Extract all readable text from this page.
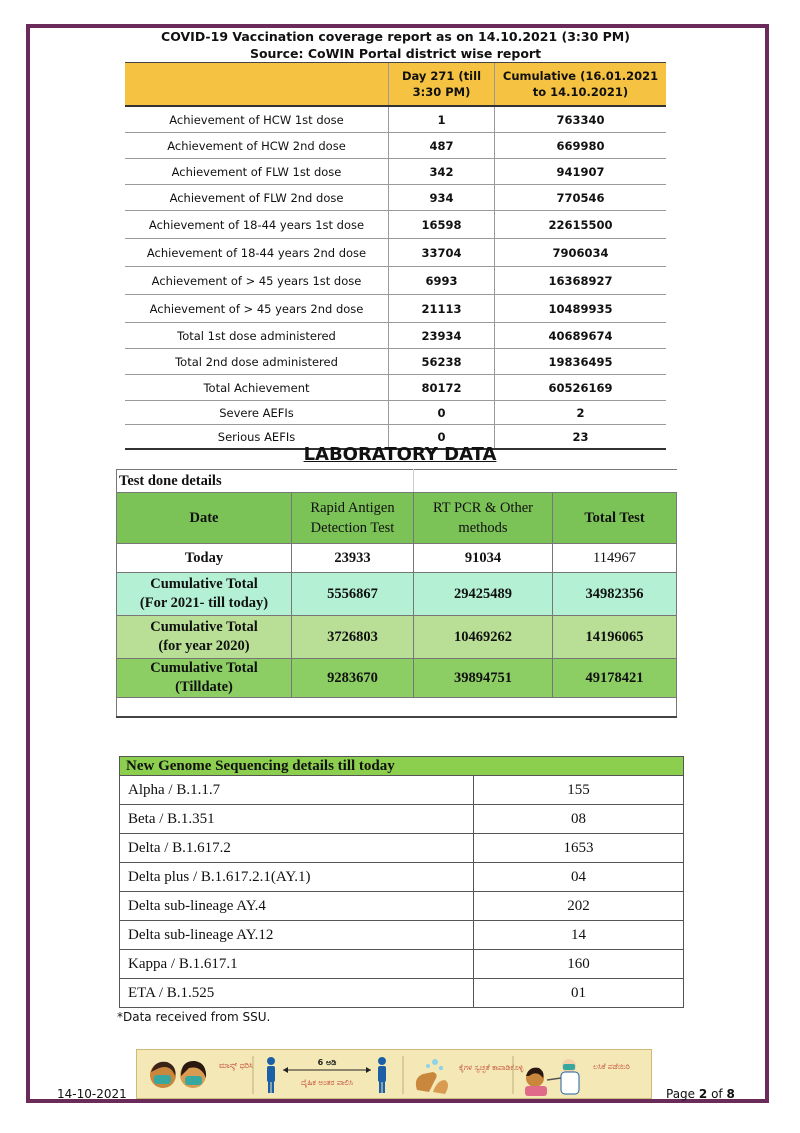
COVID-19 Vaccination coverage report as on 14.10.2021 (3:30 PM)
Source: CoWIN Portal district wise report		

	Day 271 (till 3:30 PM)	Cumulative (16.01.2021 to 14.10.2021)
Achievement of HCW 1st dose	1	763340
Achievement of HCW 2nd dose	487	669980
Achievement of FLW 1st dose	342	941907
Achievement of FLW 2nd dose	934	770546
Achievement of 18-44 years 1st dose	16598	22615500
Achievement of 18-44 years 2nd dose	33704	7906034
Achievement of > 45 years 1st dose	6993	16368927
Achievement of > 45 years 2nd dose	21113	10489935
Total 1st dose administered	23934	40689674
Total 2nd dose administered	56238	19836495
Total Achievement	80172	60526169
Severe AEFIs	0	2
Serious AEFIs	0	23
LABORATORY DATA
Test done details			
Date	Rapid Antigen Detection Test	RT PCR & Other methods	Total Test
Today	23933	91034	114967

Cumulative Total
(For 2021- till today)	5556867	29425489	34982356

Cumulative Total
(for year 2020)	3726803	10469262	14196065

Cumulative Total
(Tilldate)	9283670	39894751	49178421

New Genome Sequencing details till today	
Alpha / B.1.1.7	155
Beta / B.1.351	08
Delta / B.1.617.2	1653
Delta plus / B.1.617.2.1(AY.1)	04
Delta sub-lineage AY.4	202
Delta sub-lineage AY.12	14
Kappa / B.1.617.1	160
ETA / B.1.525	01
*Data received from SSU.
14-10-2021
ಮಾಸ್ಕ್ ಧರಿಸಿ	6 ಅಡಿ
ದೈಹಿಕ ಅಂತರ ಪಾಲಿಸಿ
ಕೈಗಳ ಸ್ವಚ್ಛತೆ ಕಾಪಾಡಿಕೊಳ್ಳಿ	ಲಸಿಕೆ ಪಡೆಯಿರಿ
Page 2 of 8
